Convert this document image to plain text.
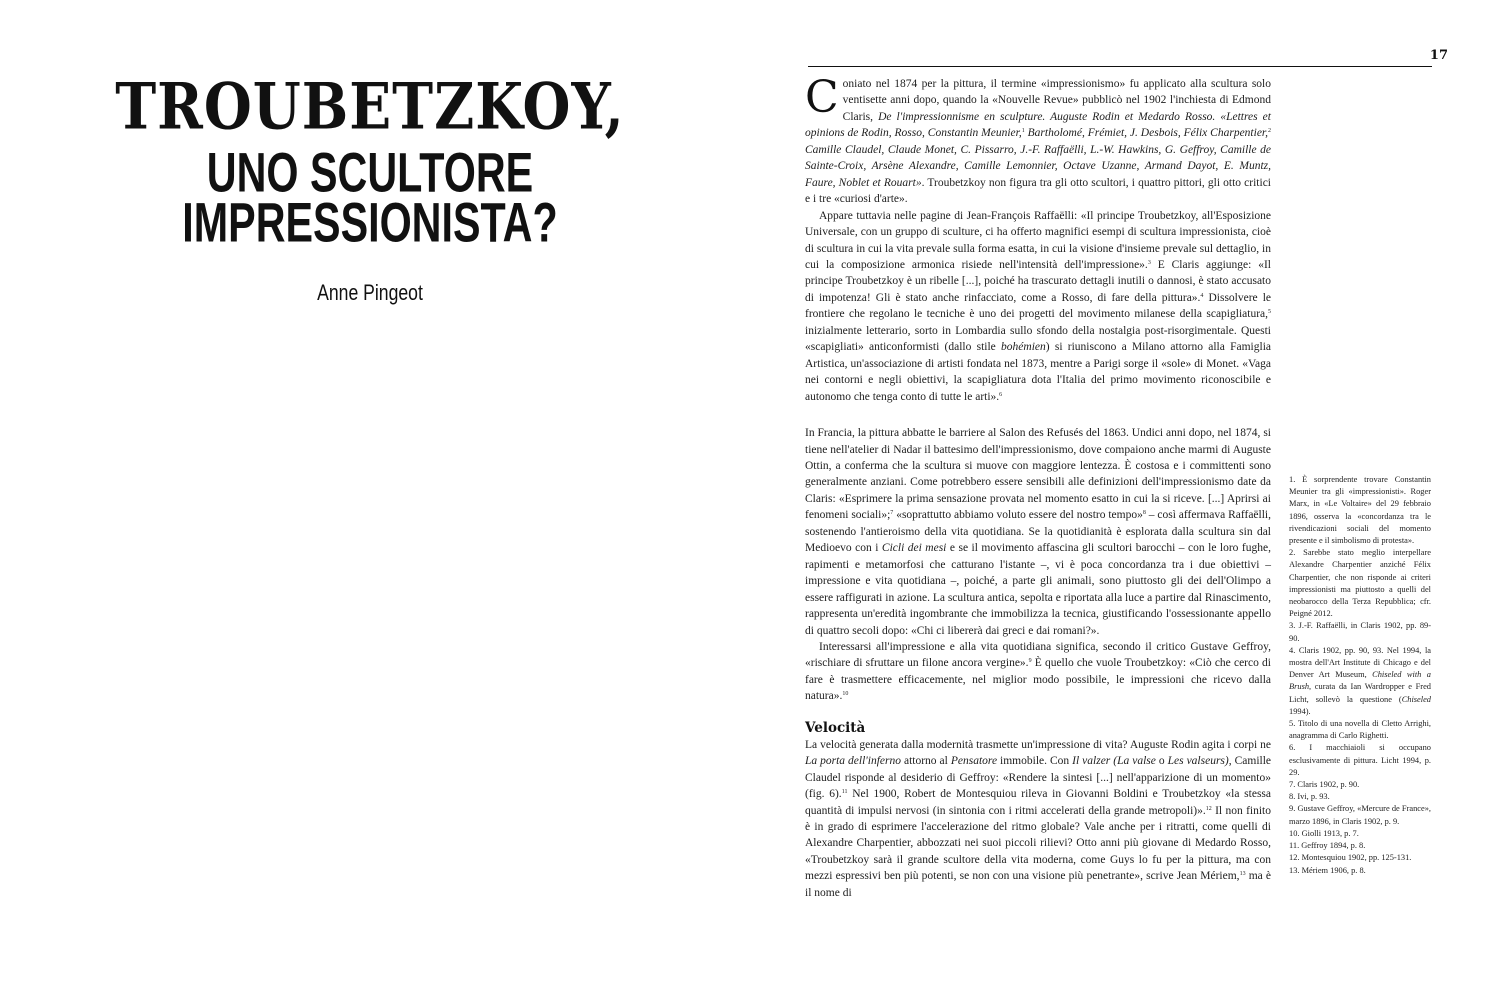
TROUBETZKOY,
UNO SCULTORE
IMPRESSIONISTA?
Anne Pingeot
17

Coniato nel 1874 per la pittura, il termine «impressionismo» fu applicato alla scultura solo ventisette anni dopo, quando la «Nouvelle Revue» pubblicò nel 1902 l'inchiesta di Edmond Claris, De l'impressionnisme en sculpture. Auguste Rodin et Medardo Rosso. «Lettres et opinions de Rodin, Rosso, Constantin Meunier,$^1$ Bartholomé, Frémiet, J. Desbois, Félix Charpentier,$^2$ Camille Claudel, Claude Monet, C. Pissarro, J.-F. Raffaëlli, L.-W. Hawkins, G. Geffroy, Camille de Sainte-Croix, Arsène Alexandre, Camille Lemonnier, Octave Uzanne, Armand Dayot, E. Muntz, Faure, Noblet et Rouart». Troubetzkoy non figura tra gli otto scultori, i quattro pittori, gli otto critici e i tre «curiosi d'arte».

Appare tuttavia nelle pagine di Jean-François Raffaëlli: «Il principe Troubetzkoy, all'Esposizione Universale, con un gruppo di sculture, ci ha offerto magnifici esempi di scultura impressionista, cioè di scultura in cui la vita prevale sulla forma esatta, in cui la visione d'insieme prevale sul dettaglio, in cui la composizione armonica risiede nell'intensità dell'impressione».$^3$ E Claris aggiunge: «Il principe Troubetzkoy è un ribelle [...], poiché ha trascurato dettagli inutili o dannosi, è stato accusato di impotenza! Gli è stato anche rinfacciato, come a Rosso, di fare della pittura».$^4$ Dissolvere le frontiere che regolano le tecniche è uno dei progetti del movimento milanese della scapigliatura,$^5$ inizialmente letterario, sorto in Lombardia sullo sfondo della nostalgia post-risorgimentale. Questi «scapigliati» anticonformisti (dallo stile bohémien) si riuniscono a Milano attorno alla Famiglia Artistica, un'associazione di artisti fondata nel 1873, mentre a Parigi sorge il «sole» di Monet. «Vaga nei contorni e negli obiettivi, la scapigliatura dota l'Italia del primo movimento riconoscibile e autonomo che tenga conto di tutte le arti».$^6$

In Francia, la pittura abbatte le barriere al Salon des Refusés del 1863. Undici anni dopo, nel 1874, si tiene nell'atelier di Nadar il battesimo dell'impressionismo, dove compaiono anche marmi di Auguste Ottin, a conferma che la scultura si muove con maggiore lentezza. È costosa e i committenti sono generalmente anziani. Come potrebbero essere sensibili alle definizioni dell'impressionismo date da Claris: «Esprimere la prima sensazione provata nel momento esatto in cui la si riceve. [...] Aprirsi ai fenomeni sociali»;$^7$ «soprattutto abbiamo voluto essere del nostro tempo»$^8$ – così affermava Raffaëlli, sostenendo l'antieroismo della vita quotidiana. Se la quotidianità è esplorata dalla scultura sin dal Medioevo con i Cicli dei mesi e se il movimento affascina gli scultori barocchi – con le loro fughe, rapimenti e metamorfosi che catturano l'istante –, vi è poca concordanza tra i due obiettivi – impressione e vita quotidiana –, poiché, a parte gli animali, sono piuttosto gli dei dell'Olimpo a essere raffigurati in azione. La scultura antica, sepolta e riportata alla luce a partire dal Rinascimento, rappresenta un'eredità ingombrante che immobilizza la tecnica, giustificando l'ossessionante appello di quattro secoli dopo: «Chi ci libererà dai greci e dai romani?».

Interessarsi all'impressione e alla vita quotidiana significa, secondo il critico Gustave Geffroy, «rischiare di sfruttare un filone ancora vergine».$^9$ È quello che vuole Troubetzkoy: «Ciò che cerco di fare è trasmettere efficacemente, nel miglior modo possibile, le impressioni che ricevo dalla natura».$^{10}$

Velocità

La velocità generata dalla modernità trasmette un'impressione di vita? Auguste Rodin agita i corpi ne La porta dell'inferno attorno al Pensatore immobile. Con Il valzer (La valse o Les valseurs), Camille Claudel risponde al desiderio di Geffroy: «Rendere la sintesi [...] nell'apparizione di un momento» (fig. 6).$^{11}$ Nel 1900, Robert de Montesquiou rileva in Giovanni Boldini e Troubetzkoy «la stessa quantità di impulsi nervosi (in sintonia con i ritmi accelerati della grande metropoli)».$^{12}$ Il non finito è in grado di esprimere l'accelerazione del ritmo globale? Vale anche per i ritratti, come quelli di Alexandre Charpentier, abbozzati nei suoi piccoli rilievi? Otto anni più giovane di Medardo Rosso, «Troubetzkoy sarà il grande scultore della vita moderna, come Guys lo fu per la pittura, ma con mezzi espressivi ben più potenti, se non con una visione più penetrante», scrive Jean Mériem,$^{13}$ ma è il nome di

1. È sorprendente trovare Constantin Meunier tra gli «impressionisti». Roger Marx, in «Le Voltaire» del 29 febbraio 1896, osserva la «concordanza tra le rivendicazioni sociali del momento presente e il simbolismo di protesta».

2. Sarebbe stato meglio interpellare Alexandre Charpentier anziché Félix Charpentier, che non risponde ai criteri impressionisti ma piuttosto a quelli del neobarocco della Terza Repubblica; cfr. Peigné 2012.

3. J.-F. Raffaëlli, in Claris 1902, pp. 89-90.

4. Claris 1902, pp. 90, 93. Nel 1994, la mostra dell'Art Institute di Chicago e del Denver Art Museum, Chiseled with a Brush, curata da Ian Wardropper e Fred Licht, sollevò la questione (Chiseled 1994).

5. Titolo di una novella di Cletto Arrighi, anagramma di Carlo Righetti.

6. I macchiaioli si occupano esclusivamente di pittura. Licht 1994, p. 29.

7. Claris 1902, p. 90.

8. Ivi, p. 93.

9. Gustave Geffroy, «Mercure de France», marzo 1896, in Claris 1902, p. 9.

10. Giolli 1913, p. 7.

11. Geffroy 1894, p. 8.

12. Montesquiou 1902, pp. 125-131.

13. Mériem 1906, p. 8.
